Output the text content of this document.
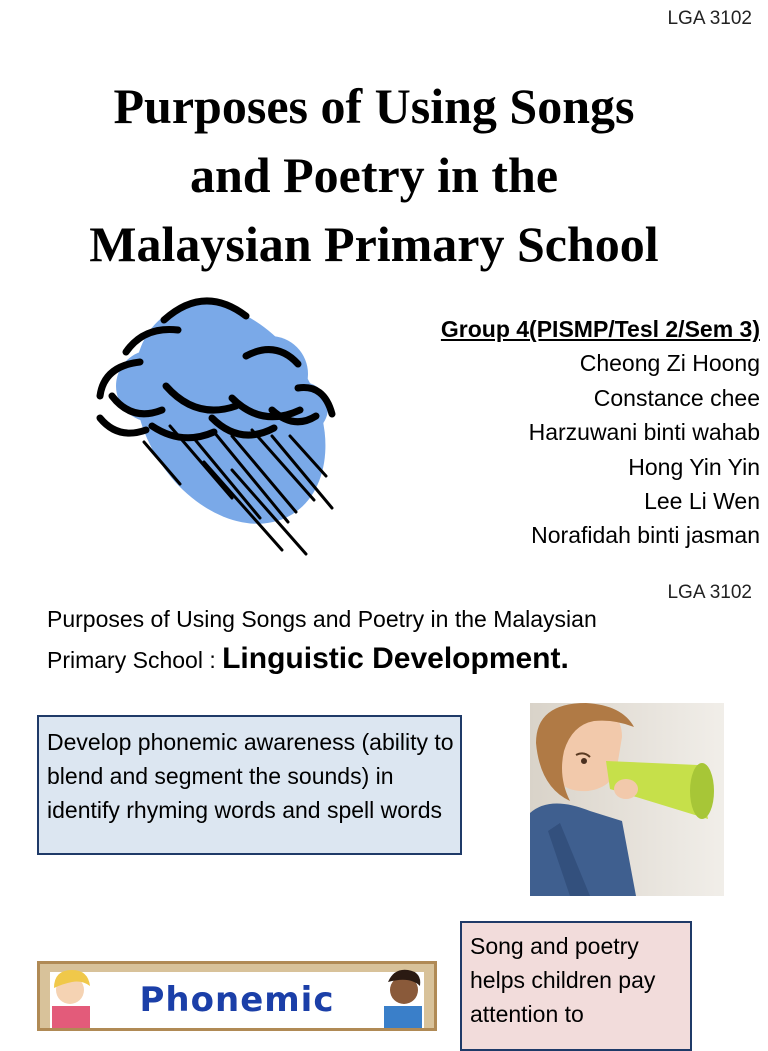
LGA 3102
Purposes of Using Songs
and Poetry in the
Malaysian Primary School
Group 4(PISMP/Tesl 2/Sem 3)
Cheong Zi Hoong
Constance chee
Harzuwani binti wahab
Hong Yin Yin
Lee Li Wen
Norafidah binti jasman
LGA 3102
Purposes of Using Songs and Poetry in the Malaysian
Primary School : Linguistic Development.
Develop phonemic awareness (ability to blend and segment the sounds) in identify rhyming words and spell words
Song and poetry helps children pay attention to
Phonemic
